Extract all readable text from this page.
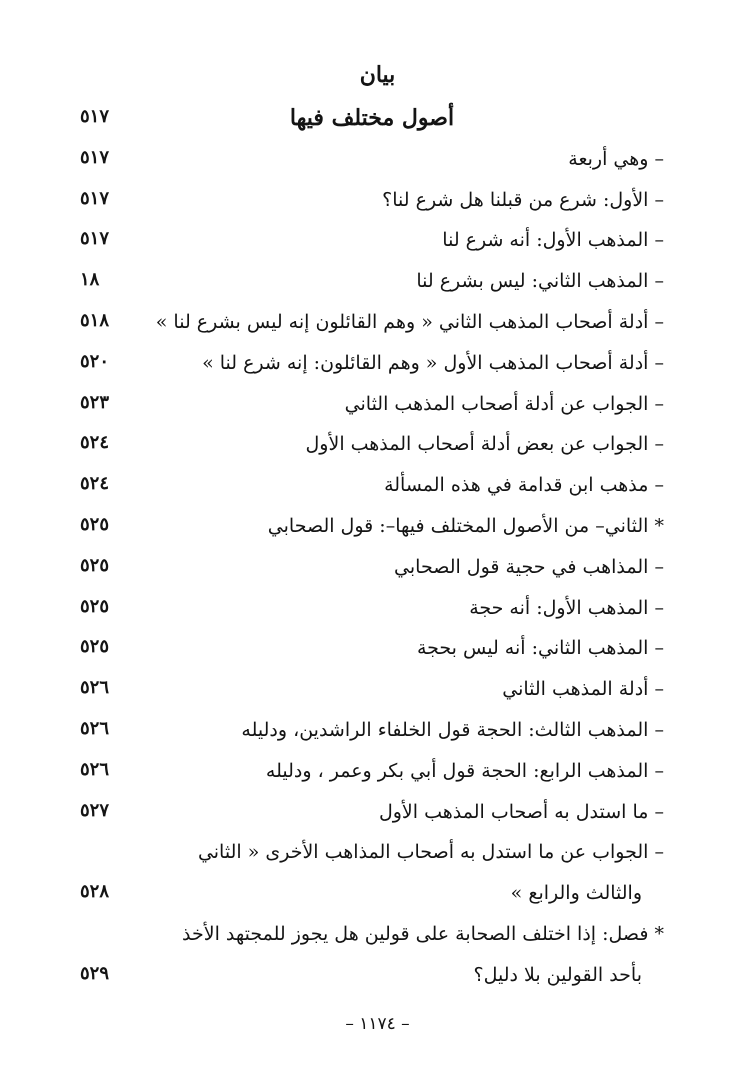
بيان
أصول مختلف فيها
٥١٧
– وهي أربعة
٥١٧
– الأول: شرع من قبلنا هل شرع لنا؟
٥١٧
– المذهب الأول: أنه شرع لنا
٥١٧
– المذهب الثاني: ليس بشرع لنا
١٨
– أدلة أصحاب المذهب الثاني « وهم القائلون إنه ليس بشرع لنا »
٥١٨
– أدلة أصحاب المذهب الأول « وهم القائلون: إنه شرع لنا »
٥٢٠
– الجواب عن أدلة أصحاب المذهب الثاني
٥٢٣
– الجواب عن بعض أدلة أصحاب المذهب الأول
٥٢٤
– مذهب ابن قدامة في هذه المسألة
٥٢٤
* الثاني– من الأصول المختلف فيها–: قول الصحابي
٥٢٥
– المذاهب في حجية قول الصحابي
٥٢٥
– المذهب الأول: أنه حجة
٥٢٥
– المذهب الثاني: أنه ليس بحجة
٥٢٥
– أدلة المذهب الثاني
٥٢٦
– المذهب الثالث: الحجة قول الخلفاء الراشدين، ودليله
٥٢٦
– المذهب الرابع: الحجة قول أبي بكر وعمر ، ودليله
٥٢٦
– ما استدل به أصحاب المذهب الأول
٥٢٧
– الجواب عن ما استدل به أصحاب المذاهب الأخرى « الثاني
والثالث والرابع »
٥٢٨
* فصل: إذا اختلف الصحابة على قولين هل يجوز للمجتهد الأخذ
بأحد القولين بلا دليل؟
٥٢٩
– ١١٧٤ –
